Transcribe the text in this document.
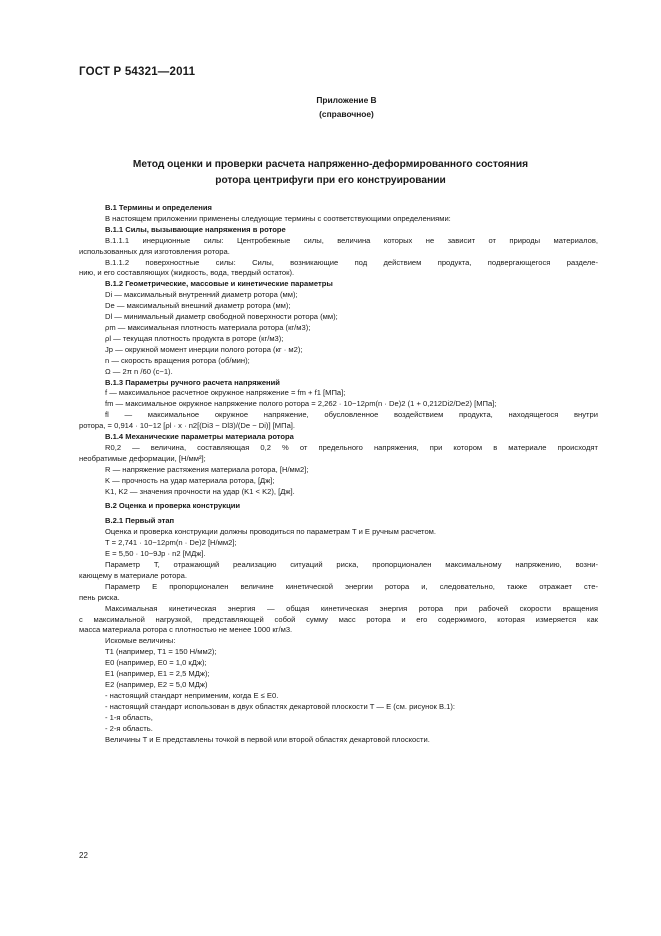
ГОСТ Р 54321—2011
Приложение В
(справочное)
Метод оценки и проверки расчета напряженно-деформированного состояния
ротора центрифуги при его конструировании

В.1 Термины и определения

В настоящем приложении применены следующие термины с соответствующими определениями:

В.1.1 Силы, вызывающие напряжения в роторе

В.1.1.1 инерционные силы: Центробежные силы, величина которых не зависит от природы материалов,

использованных для изготовления ротора.

В.1.1.2 поверхностные силы: Силы, возникающие под действием продукта, подвергающегося разделе-

нию, и его составляющих (жидкость, вода, твердый остаток).

В.1.2 Геометрические, массовые и кинетические параметры

Di — максимальный внутренний диаметр ротора (мм);

De — максимальный внешний диаметр ротора (мм);

Dl — минимальный диаметр свободной поверхности ротора (мм);

ρm — максимальная плотность материала ротора (кг/м3);

ρl — текущая плотность продукта в роторе (кг/м3);

Jp — окружной момент инерции полого ротора (кг · м2);

n — скорость вращения ротора (об/мин);

Ω — 2π n /60 (с−1).

В.1.3 Параметры ручного расчета напряжений

f — максимальное расчетное окружное напряжение = fm + f1 [МПа];

fm — максимальное окружное напряжение полого ротора = 2,262 · 10−12ρm(n · De)2 (1 + 0,212Di2/De2) [МПа];

fl — максимальное окружное напряжение, обусловленное воздействием продукта, находящегося внутри

ротора, = 0,914 · 10−12 [ρl · x · n2[(Di3 − Dl3)/(De − Di)] [МПа].

В.1.4 Механические параметры материала ротора

R0,2 — величина, составляющая 0,2 % от предельного напряжения, при котором в материале происходят

необратимые деформации, [Н/мм²];

R — напряжение растяжения материала ротора, [Н/мм2];

K — прочность на удар материала ротора, [Дж];

K1, K2 — значения прочности на удар (K1 < K2), [Дж].

В.2 Оценка и проверка конструкции

В.2.1 Первый этап

Оценка и проверка конструкции должны проводиться по параметрам T и E ручным расчетом.

T = 2,741 · 10−12ρm(n · De)2 [Н/мм2];

E = 5,50 · 10−9Jp · n2 [МДж].

Параметр T, отражающий реализацию ситуаций риска, пропорционален максимальному напряжению, возни-

кающему в материале ротора.

Параметр E пропорционален величине кинетической энергии ротора и, следовательно, также отражает сте-

пень риска.

Максимальная кинетическая энергия — общая кинетическая энергия ротора при рабочей скорости вращения

с максимальной нагрузкой, представляющей собой сумму масс ротора и его содержимого, которая измеряется как

масса материала ротора с плотностью не менее 1000 кг/м3.

Искомые величины:

T1 (например, T1 = 150 Н/мм2);

E0 (например, E0 = 1,0 кДж);

E1 (например, E1 = 2,5 МДж);

E2 (например, E2 = 5,0 МДж)

- настоящий стандарт неприменим, когда E ≤ E0.

- настоящий стандарт использован в двух областях декартовой плоскости T — E (см. рисунок В.1):

- 1-я область,

- 2-я область.

Величины T и E представлены точкой в первой или второй областях декартовой плоскости.

22
